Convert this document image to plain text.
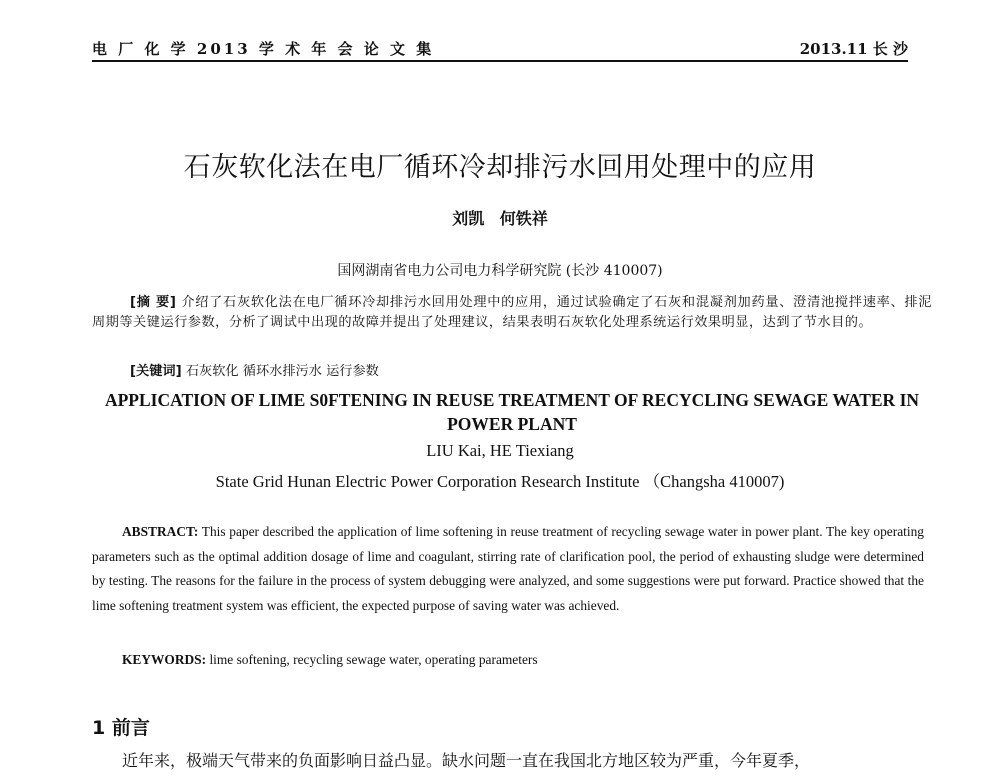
电 厂 化 学 2013 学 术 年 会 论 文 集	2013.11 长 沙
石灰软化法在电厂循环冷却排污水回用处理中的应用
刘凯 何铁祥
国网湖南省电力公司电力科学研究院 (长沙 410007)
[摘 要] 介绍了石灰软化法在电厂循环冷却排污水回用处理中的应用，通过试验确定了石灰和混凝剂加药量、澄清池搅拌速率、排泥周期等关键运行参数，分析了调试中出现的故障并提出了处理建议，结果表明石灰软化处理系统运行效果明显，达到了节水目的。
[关键词] 石灰软化 循环水排污水 运行参数
APPLICATION OF LIME S0FTENING IN REUSE TREATMENT OF RECYCLING SEWAGE WATER IN POWER PLANT
LIU Kai, HE Tiexiang
State Grid Hunan Electric Power Corporation Research Institute （Changsha 410007)
ABSTRACT: This paper described the application of lime softening in reuse treatment of recycling sewage water in power plant. The key operating parameters such as the optimal addition dosage of lime and coagulant, stirring rate of clarification pool, the period of exhausting sludge were determined by testing. The reasons for the failure in the process of system debugging were analyzed, and some suggestions were put forward. Practice showed that the lime softening treatment system was efficient, the expected purpose of saving water was achieved.
KEYWORDS: lime softening, recycling sewage water, operating parameters
1 前言
近年来，极端天气带来的负面影响日益凸显。缺水问题一直在我国北方地区较为严重，今年夏季，
